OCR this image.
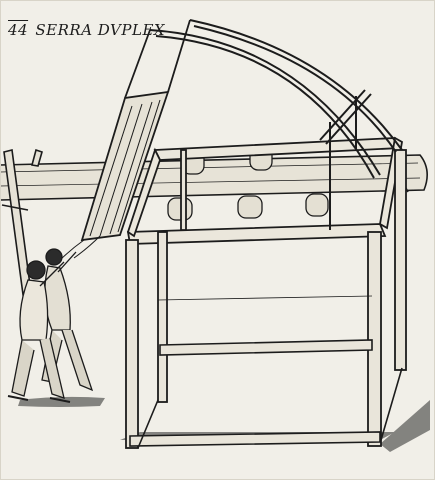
44 SERRA DVPLEX
